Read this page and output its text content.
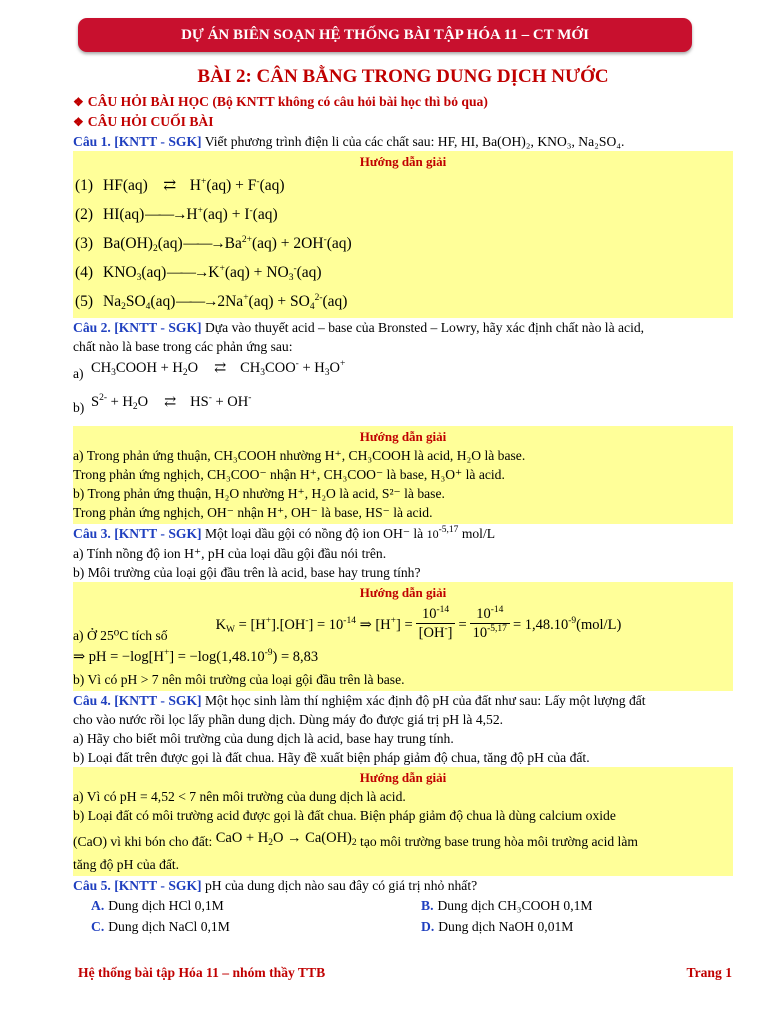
DỰ ÁN BIÊN SOẠN HỆ THỐNG BÀI TẬP HÓA 11 – CT MỚI
BÀI 2: CÂN BẰNG TRONG DUNG DỊCH NƯỚC
❖ CÂU HỎI BÀI HỌC (Bộ KNTT không có câu hỏi bài học thì bỏ qua)
❖ CÂU HỎI CUỐI BÀI
Câu 1. [KNTT - SGK] Viết phương trình điện li của các chất sau: HF, HI, Ba(OH)₂, KNO₃, Na₂SO₄.
Hướng dẫn giải
(1) HF(aq) ⇄ H+(aq) + F-(aq)
(2) HI(aq)——→H+(aq) + I-(aq)
(3) $Ba(OH)_2(aq)——\to Ba^{2+}(aq) + 2OH^-(aq)$
(4) $KNO_3(aq)——\to K^+(aq) + NO_3^-(aq)$
(5) $Na_2SO_4(aq)——\to 2Na^+(aq) + SO_4^{2-}(aq)$
Câu 2. [KNTT - SGK] Dựa vào thuyết acid – base của Bronsted – Lowry, hãy xác định chất nào là acid,
chất nào là base trong các phản ứng sau:
a) $CH_3COOH + H_2O$ ⇄ $CH_3COO^- + H_3O^+$
b) $S^{2-} + H_2O$ ⇄ HS- + OH-
Hướng dẫn giải
a) Trong phản ứng thuận, CH₃COOH nhường H⁺, CH₃COOH là acid, H₂O là base.
Trong phản ứng nghịch, CH₃COO⁻ nhận H⁺, CH₃COO⁻ là base, H₃O⁺ là acid.
b) Trong phản ứng thuận, H₂O nhường H⁺, H₂O là acid, S²⁻ là base.
Trong phản ứng nghịch, OH⁻ nhận H⁺, OH⁻ là base, HS⁻ là acid.
Câu 3. [KNTT - SGK] Một loại dầu gội có nồng độ ion OH⁻ là $10^{-5,17}$ mol/L
a) Tính nồng độ ion H⁺, pH của loại dầu gội đầu nói trên.
b) Môi trường của loại gội đầu trên là acid, base hay trung tính?
Hướng dẫn giải
a) Ở 25⁰C tích số
$K_W = [H^+].[OH^-] = 10^{-14}$ ⇒ $[H^+] = \frac{10^{-14}}{[OH^-]} = \frac{10^{-14}}{10^{-5,17}} = 1,48.10^{-9}(mol/L)$
⇒ pH = $-\log[H^+] = -\log(1,48.10^{-9}) = 8,83$
b) Vì có pH > 7 nên môi trường của loại gội đầu trên là base.
Câu 4. [KNTT - SGK] Một học sinh làm thí nghiệm xác định độ pH của đất như sau: Lấy một lượng đất
cho vào nước rồi lọc lấy phần dung dịch. Dùng máy đo được giá trị pH là 4,52.
a) Hãy cho biết môi trường của dung dịch là acid, base hay trung tính.
b) Loại đất trên được gọi là đất chua. Hãy đề xuất biện pháp giảm độ chua, tăng độ pH của đất.
Hướng dẫn giải
a) Vì có pH = 4,52 < 7 nên môi trường của dung dịch là acid.
b) Loại đất có môi trường acid được gọi là đất chua. Biện pháp giảm độ chua là dùng calcium oxide
(CaO) vì khi bón cho đất: CaO + $H_2O \to Ca(OH)_2$ tạo môi trường base trung hòa môi trường acid làm
tăng độ pH của đất.
Câu 5. [KNTT - SGK] pH của dung dịch nào sau đây có giá trị nhỏ nhất?
A. Dung dịch HCl 0,1M	B. Dung dịch CH₃COOH 0,1M
C. Dung dịch NaCl 0,1M	D. Dung dịch NaOH 0,01M
Hệ thống bài tập Hóa 11 – nhóm thầy TTB	Trang 1
